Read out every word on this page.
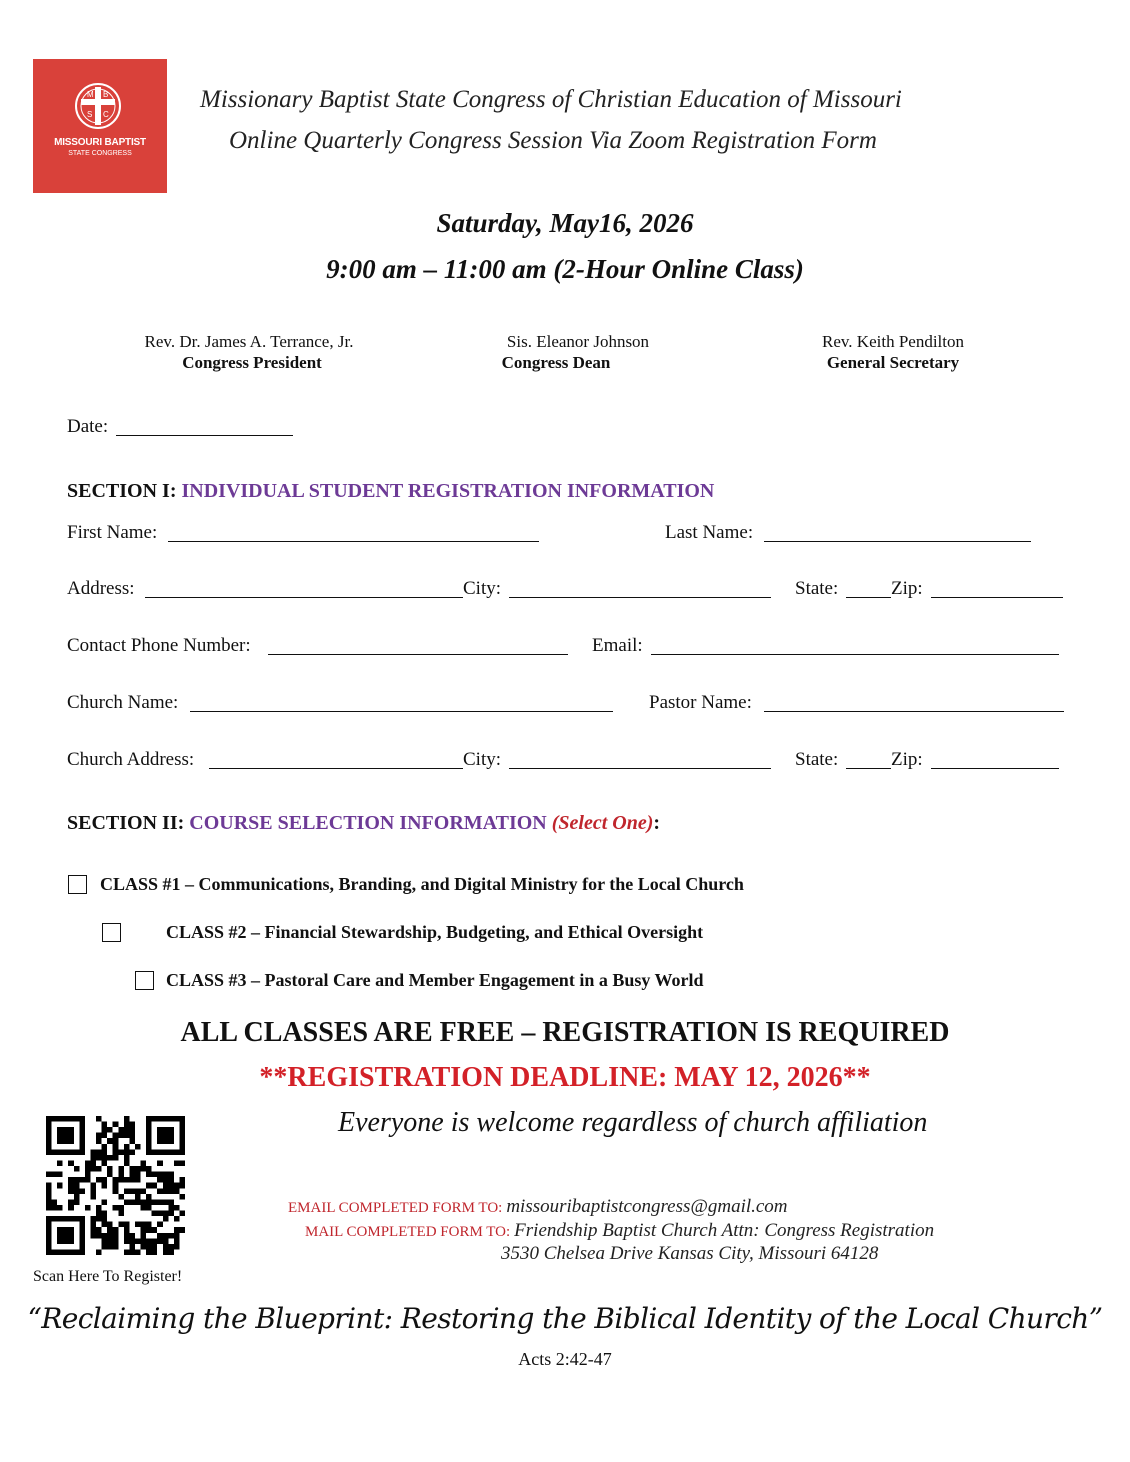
M B
S C
MISSOURI BAPTIST
STATE CONGRESS
Missionary Baptist State Congress of Christian Education of Missouri
Online Quarterly Congress Session Via Zoom Registration Form
Saturday, May16, 2026
9:00 am – 11:00 am (2-Hour Online Class)
Rev. Dr. James A. Terrance, Jr.
Congress President
Sis. Eleanor Johnson
Congress Dean
Rev. Keith Pendilton
General Secretary
Date:
SECTION I: INDIVIDUAL STUDENT REGISTRATION INFORMATION
First Name:	Last Name:
Address:	City:	State:	Zip:
Contact Phone Number:	Email:
Church Name:	Pastor Name:
Church Address:	City:	State:	Zip:
SECTION II: COURSE SELECTION INFORMATION (Select One):
CLASS #1 – Communications, Branding, and Digital Ministry for the Local Church
CLASS #2 – Financial Stewardship, Budgeting, and Ethical Oversight
CLASS #3 – Pastoral Care and Member Engagement in a Busy World
ALL CLASSES ARE FREE – REGISTRATION IS REQUIRED
**REGISTRATION DEADLINE: MAY 12, 2026**
Everyone is welcome regardless of church affiliation
Scan Here To Register!
EMAIL COMPLETED FORM TO: missouribaptistcongress@gmail.com
MAIL COMPLETED FORM TO: Friendship Baptist Church Attn: Congress Registration
3530 Chelsea Drive Kansas City, Missouri 64128
“Reclaiming the Blueprint: Restoring the Biblical Identity of the Local Church”
Acts 2:42-47
